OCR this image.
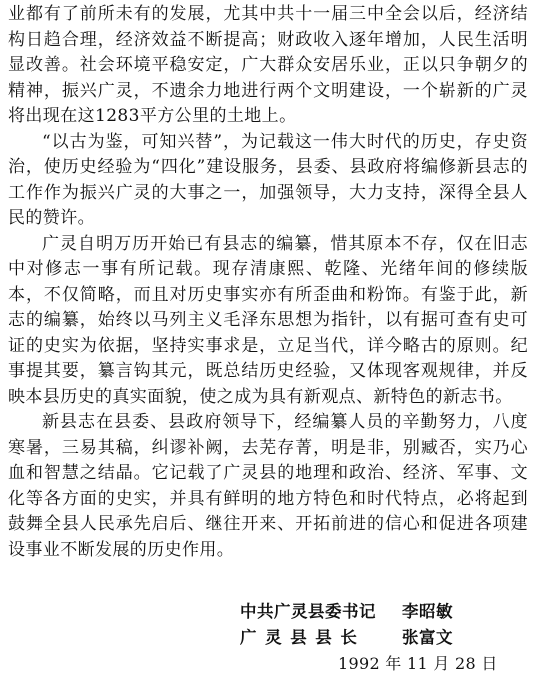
业都有了前所未有的发展，尤其中共十一届三中全会以后，经济结构日趋合理，经济效益不断提高；财政收入逐年增加，人民生活明显改善。社会环境平稳安定，广大群众安居乐业，正以只争朝夕的精神，振兴广灵，不遗余力地进行两个文明建设，一个崭新的广灵将出现在这1283平方公里的土地上。

“以古为鉴，可知兴替”，为记载这一伟大时代的历史，存史资治，使历史经验为“四化”建设服务，县委、县政府将编修新县志的工作作为振兴广灵的大事之一，加强领导，大力支持，深得全县人民的赞许。

广灵自明万历开始已有县志的编纂，惜其原本不存，仅在旧志中对修志一事有所记载。现存清康熙、乾隆、光绪年间的修续版本，不仅简略，而且对历史事实亦有所歪曲和粉饰。有鉴于此，新志的编纂，始终以马列主义毛泽东思想为指针，以有据可查有史可证的史实为依据，坚持实事求是，立足当代，详今略古的原则。纪事提其要，纂言钩其元，既总结历史经验，又体现客观规律，并反映本县历史的真实面貌，使之成为具有新观点、新特色的新志书。

新县志在县委、县政府领导下，经编纂人员的辛勤努力，八度寒暑，三易其稿，纠谬补阙，去芜存菁，明是非，别臧否，实乃心血和智慧之结晶。它记载了广灵县的地理和政治、经济、军事、文化等各方面的史实，并具有鲜明的地方特色和时代特点，必将起到鼓舞全县人民承先启后、继往开来、开拓前进的信心和促进各项建设事业不断发展的历史作用。

中共广灵县委书记 李昭敏
广灵县县长 张富文
1992 年 11 月 28 日
